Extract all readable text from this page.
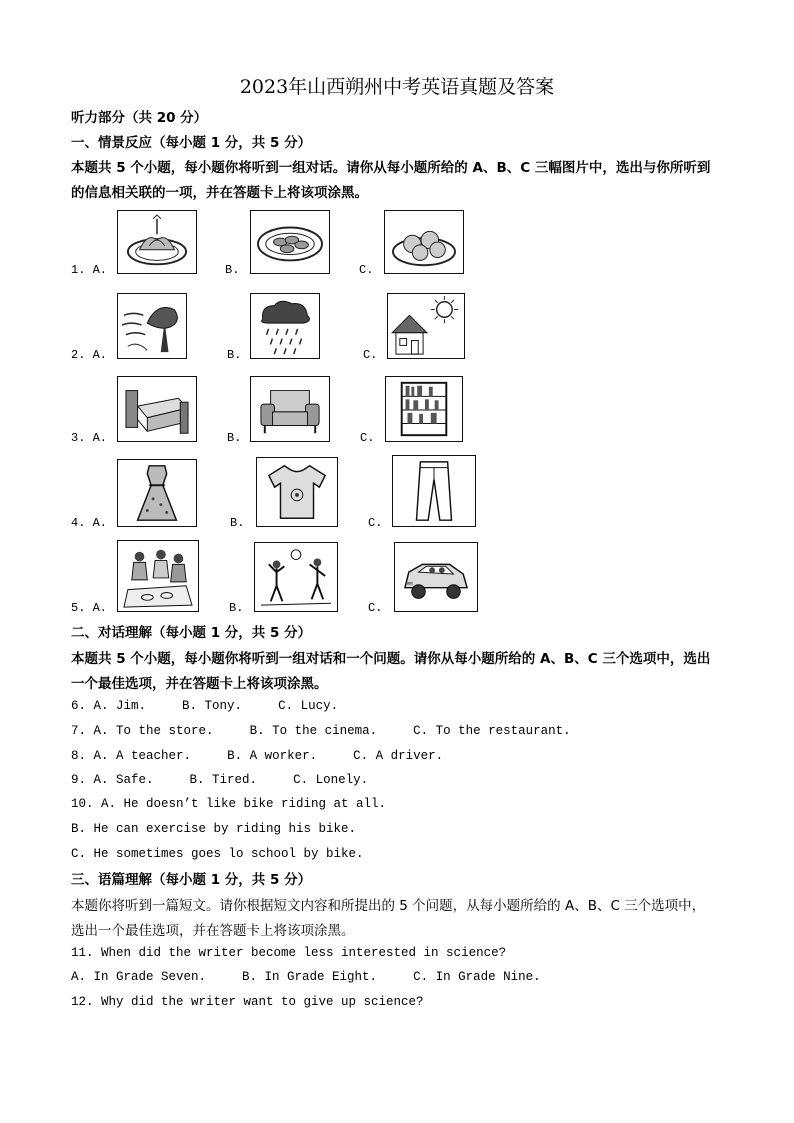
2023年山西朔州中考英语真题及答案
听力部分（共 20 分）
一、情景反应（每小题 1 分，共 5 分）
本题共 5 个小题，每小题你将听到一组对话。请你从每小题所给的 A、B、C 三幅图片中，选出与你所听到
的信息相关联的一项，并在答题卡上将该项涂黑。
1. A.	B.	C.
2. A.	B.	C.
3. A.	B.	C.
4. A.	B.	C.
5. A.	B.	C.
二、对话理解（每小题 1 分，共 5 分）
本题共 5 个小题，每小题你将听到一组对话和一个问题。请你从每小题所给的 A、B、C 三个选项中，选出
一个最佳选项，并在答题卡上将该项涂黑。
6. A. Jim.	B. Tony.	C. Lucy.
7. A. To the store.	B. To the cinema.	C. To the restaurant.
8. A. A teacher.	B. A worker.	C. A driver.
9. A. Safe.	B. Tired.	C. Lonely.
10. A. He doesn’t like bike riding at all.
B. He can exercise by riding his bike.
C. He sometimes goes lo school by bike.
三、语篇理解（每小题 1 分，共 5 分）
本题你将听到一篇短文。请你根据短文内容和所提出的 5 个问题，从每小题所给的 A、B、C 三个选项中，
选出一个最佳选项，并在答题卡上将该项涂黑。
11. When did the writer become less interested in science?
A. In Grade Seven.	B. In Grade Eight.	C. In Grade Nine.
12. Why did the writer want to give up science?
